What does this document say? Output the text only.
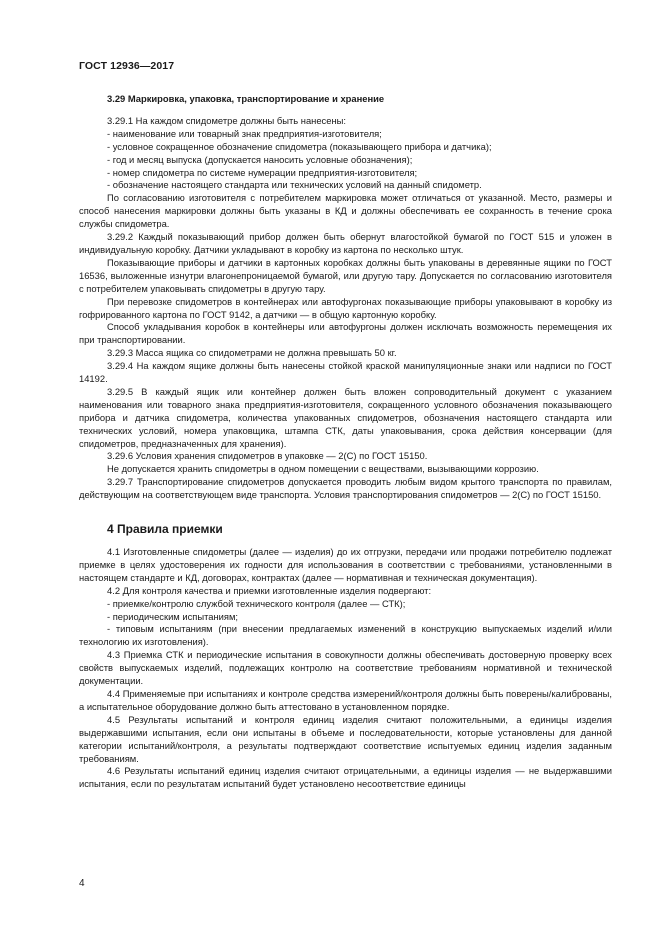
ГОСТ 12936—2017
3.29 Маркировка, упаковка, транспортирование и хранение

3.29.1 На каждом спидометре должны быть нанесены:

- наименование или товарный знак предприятия-изготовителя;

- условное сокращенное обозначение спидометра (показывающего прибора и датчика);

- год и месяц выпуска (допускается наносить условные обозначения);

- номер спидометра по системе нумерации предприятия-изготовителя;

- обозначение настоящего стандарта или технических условий на данный спидометр.

По согласованию изготовителя с потребителем маркировка может отличаться от указанной. Место, размеры и способ нанесения маркировки должны быть указаны в КД и должны обеспечивать ее сохранность в течение срока службы спидометра.

3.29.2 Каждый показывающий прибор должен быть обернут влагостойкой бумагой по ГОСТ 515 и уложен в индивидуальную коробку. Датчики укладывают в коробку из картона по несколько штук.

Показывающие приборы и датчики в картонных коробках должны быть упакованы в деревянные ящики по ГОСТ 16536, выложенные изнутри влагонепроницаемой бумагой, или другую тару. Допускается по согласованию изготовителя с потребителем упаковывать спидометры в другую тару.

При перевозке спидометров в контейнерах или автофургонах показывающие приборы упаковывают в коробку из гофрированного картона по ГОСТ 9142, а датчики — в общую картонную коробку.

Способ укладывания коробок в контейнеры или автофургоны должен исключать возможность перемещения их при транспортировании.

3.29.3 Масса ящика со спидометрами не должна превышать 50 кг.

3.29.4 На каждом ящике должны быть нанесены стойкой краской манипуляционные знаки или надписи по ГОСТ 14192.

3.29.5 В каждый ящик или контейнер должен быть вложен сопроводительный документ с указанием наименования или товарного знака предприятия-изготовителя, сокращенного условного обозначения показывающего прибора и датчика спидометра, количества упакованных спидометров, обозначения настоящего стандарта или технических условий, номера упаковщика, штампа СТК, даты упаковывания, срока действия консервации (для спидометров, предназначенных для хранения).

3.29.6 Условия хранения спидометров в упаковке — 2(С) по ГОСТ 15150.

Не допускается хранить спидометры в одном помещении с веществами, вызывающими коррозию.

3.29.7 Транспортирование спидометров допускается проводить любым видом крытого транспорта по правилам, действующим на соответствующем виде транспорта. Условия транспортирования спидометров — 2(С) по ГОСТ 15150.

4 Правила приемки

4.1 Изготовленные спидометры (далее — изделия) до их отгрузки, передачи или продажи потребителю подлежат приемке в целях удостоверения их годности для использования в соответствии с требованиями, установленными в настоящем стандарте и КД, договорах, контрактах (далее — нормативная и техническая документация).

4.2 Для контроля качества и приемки изготовленные изделия подвергают:

- приемке/контролю службой технического контроля (далее — СТК);

- периодическим испытаниям;

- типовым испытаниям (при внесении предлагаемых изменений в конструкцию выпускаемых изделий и/или технологию их изготовления).

4.3 Приемка СТК и периодические испытания в совокупности должны обеспечивать достоверную проверку всех свойств выпускаемых изделий, подлежащих контролю на соответствие требованиям нормативной и технической документации.

4.4 Применяемые при испытаниях и контроле средства измерений/контроля должны быть поверены/калиброваны, а испытательное оборудование должно быть аттестовано в установленном порядке.

4.5 Результаты испытаний и контроля единиц изделия считают положительными, а единицы изделия выдержавшими испытания, если они испытаны в объеме и последовательности, которые установлены для данной категории испытаний/контроля, а результаты подтверждают соответствие испытуемых единиц изделия заданным требованиям.

4.6 Результаты испытаний единиц изделия считают отрицательными, а единицы изделия — не выдержавшими испытания, если по результатам испытаний будет установлено несоответствие единицы

4
